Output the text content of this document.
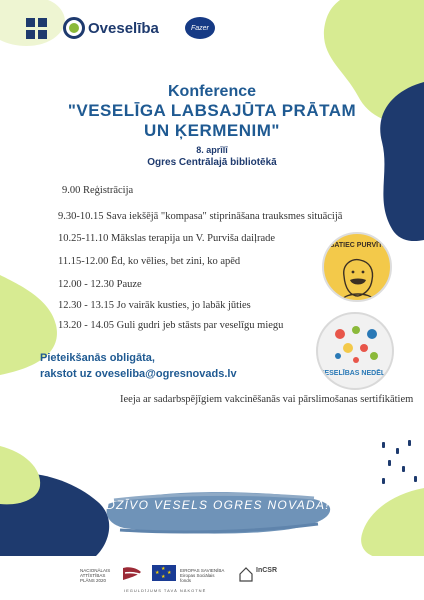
Oveselība	Fazer
Konference
"VESELĪGA LABSAJŪTA PRĀTAM
UN ĶERMENIM"
8. aprīlī
Ogres Centrālajā bibliotēkā
9.00 Reģistrācija
9.30-10.15 Sava iekšējā "kompasa" stiprināšana trauksmes situācijā
10.25-11.10 Mākslas terapija un V. Purviša daiļrade
11.15-12.00 Ēd, ko vēlies, bet zini, ko apēd
12.00 - 12.30 Pauze
12.30 - 13.15 Jo vairāk kusties, jo labāk jūties
13.20 - 14.05 Guli gudri jeb stāsts par veselīgu miegu
SATIEC PURVĪTI
VESELĪBAS NEDĒĻA
Pieteikšanās obligāta,
rakstot uz oveseliba@ogresnovads.lv
Ieeja ar sadarbspējīgiem vakcinēšanās vai pārslimošanas sertifikātiem
DZĪVO VESELS OGRES NOVADĀ!
NACIONĀLAIS
ATTĪSTĪBAS
PLĀNS 2020
★
★ ★
★
EIROPAS SAVIENĪBA
Eiropas Sociālais
fonds
InCSR
IEGULDĪJUMS TAVĀ NĀKOTNĒ
